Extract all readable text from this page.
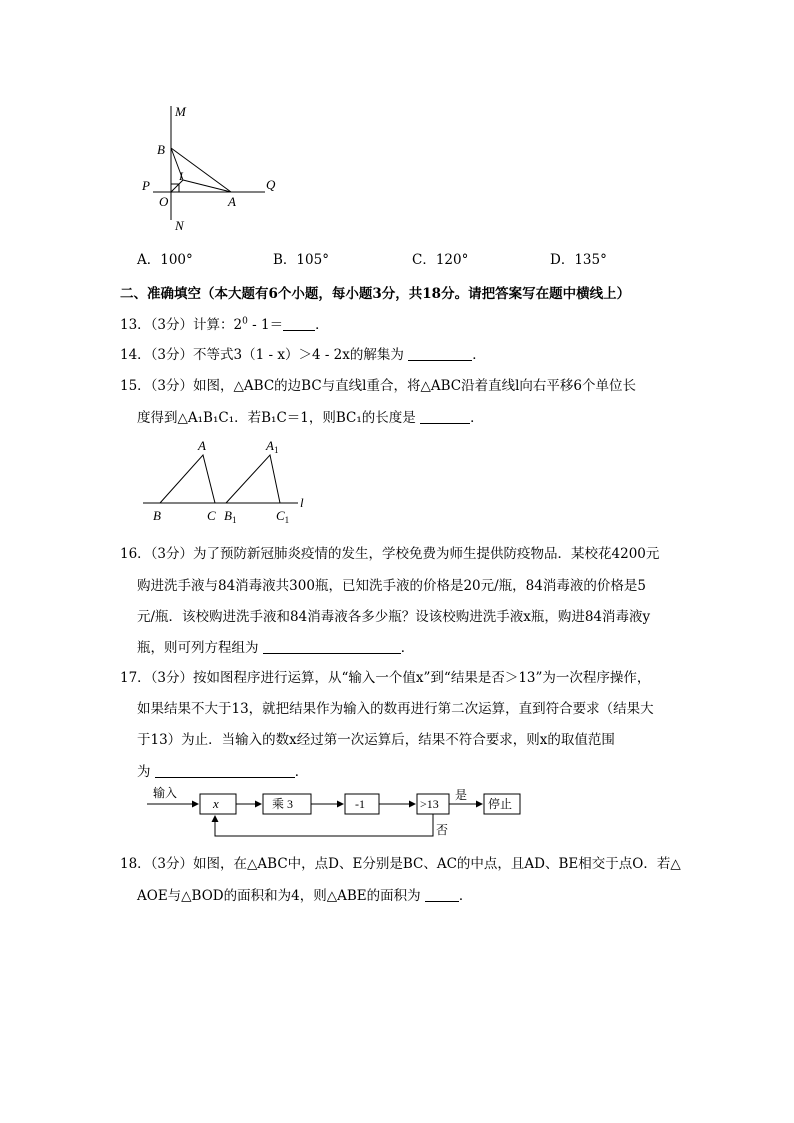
M
B
I
P	Q
O	A
N
A．100°	B．105°	C．120°	D．135°
二、准确填空（本大题有6个小题，每小题3分，共18分。请把答案写在题中横线上）
13．（3分）计算：$2^0 - 1=$ ．
14．（3分）不等式3（1 - x）＞4 - 2x的解集为	．
15．（3分）如图，△ABC的边BC与直线l重合，将△ABC沿着直线l向右平移6个单位长
度得到△A₁B₁C₁．若B₁C＝1，则BC₁的长度是	．
A	$A_1$
B	C $B_1$	$C_1$
l
16．（3分）为了预防新冠肺炎疫情的发生，学校免费为师生提供防疫物品．某校花4200元
购进洗手液与84消毒液共300瓶，已知洗手液的价格是20元/瓶，84消毒液的价格是5
元/瓶．该校购进洗手液和84消毒液各多少瓶？设该校购进洗手液x瓶，购进84消毒液y
瓶，则可列方程组为	．
17．（3分）按如图程序进行运算，从“输入一个值x”到“结果是否＞13”为一次程序操作，
如果结果不大于13，就把结果作为输入的数再进行第二次运算，直到符合要求（结果大
于13）为止．当输入的数x经过第一次运算后，结果不符合要求，则x的取值范围
为	．
输入
x	乘 3	-1	>13
是
停止
否
18．（3分）如图，在△ABC中，点D、E分别是BC、AC的中点，且AD、BE相交于点O．若△
AOE与△BOD的面积和为4，则△ABE的面积为	．
